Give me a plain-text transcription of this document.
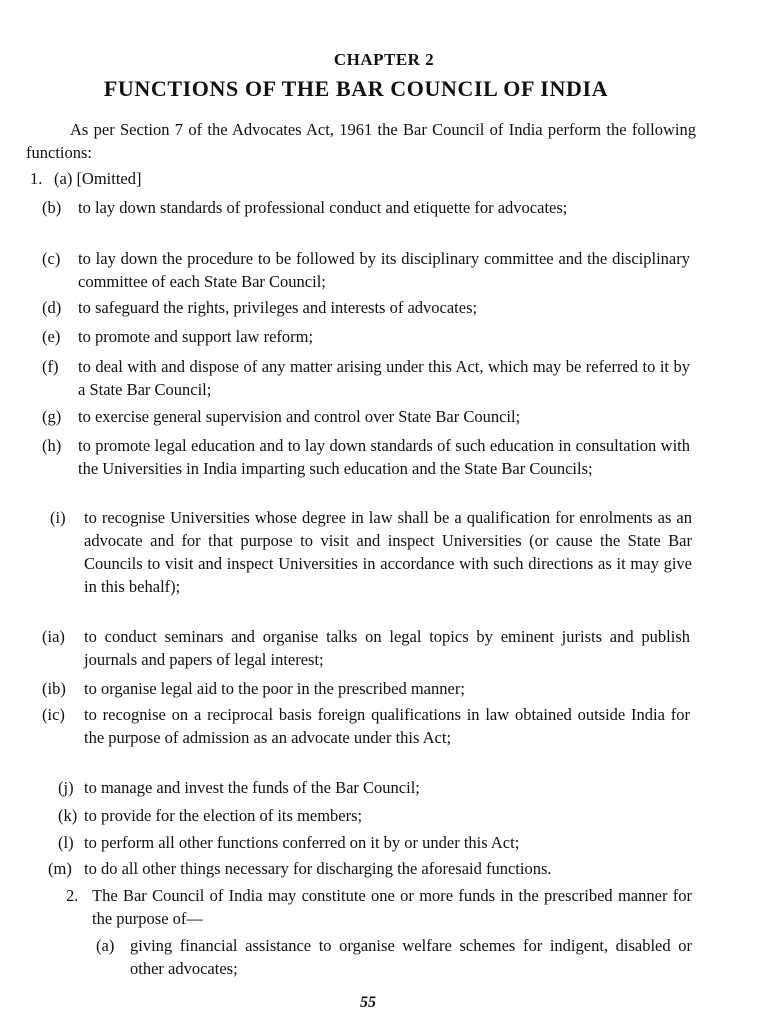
CHAPTER 2
FUNCTIONS OF THE BAR COUNCIL OF INDIA
As per Section 7 of the Advocates Act, 1961 the Bar Council of India perform the following functions:
1. (a) [Omitted]
(b) to lay down standards of professional conduct and etiquette for advocates;
(c) to lay down the procedure to be followed by its disciplinary committee and the disciplinary committee of each State Bar Council;
(d) to safeguard the rights, privileges and interests of advocates;
(e) to promote and support law reform;
(f) to deal with and dispose of any matter arising under this Act, which may be referred to it by a State Bar Council;
(g) to exercise general supervision and control over State Bar Council;
(h) to promote legal education and to lay down standards of such education in consultation with the Universities in India imparting such education and the State Bar Councils;
(i) to recognise Universities whose degree in law shall be a qualification for enrolments as an advocate and for that purpose to visit and inspect Universities (or cause the State Bar Councils to visit and inspect Universities in accordance with such directions as it may give in this behalf);
(ia) to conduct seminars and organise talks on legal topics by eminent jurists and publish journals and papers of legal interest;
(ib) to organise legal aid to the poor in the prescribed manner;
(ic) to recognise on a reciprocal basis foreign qualifications in law obtained outside India for the purpose of admission as an advocate under this Act;
(j) to manage and invest the funds of the Bar Council;
(k) to provide for the election of its members;
(l) to perform all other functions conferred on it by or under this Act;
(m) to do all other things necessary for discharging the aforesaid functions.
2. The Bar Council of India may constitute one or more funds in the prescribed manner for the purpose of—
(a) giving financial assistance to organise welfare schemes for indigent, disabled or other advocates;
55
